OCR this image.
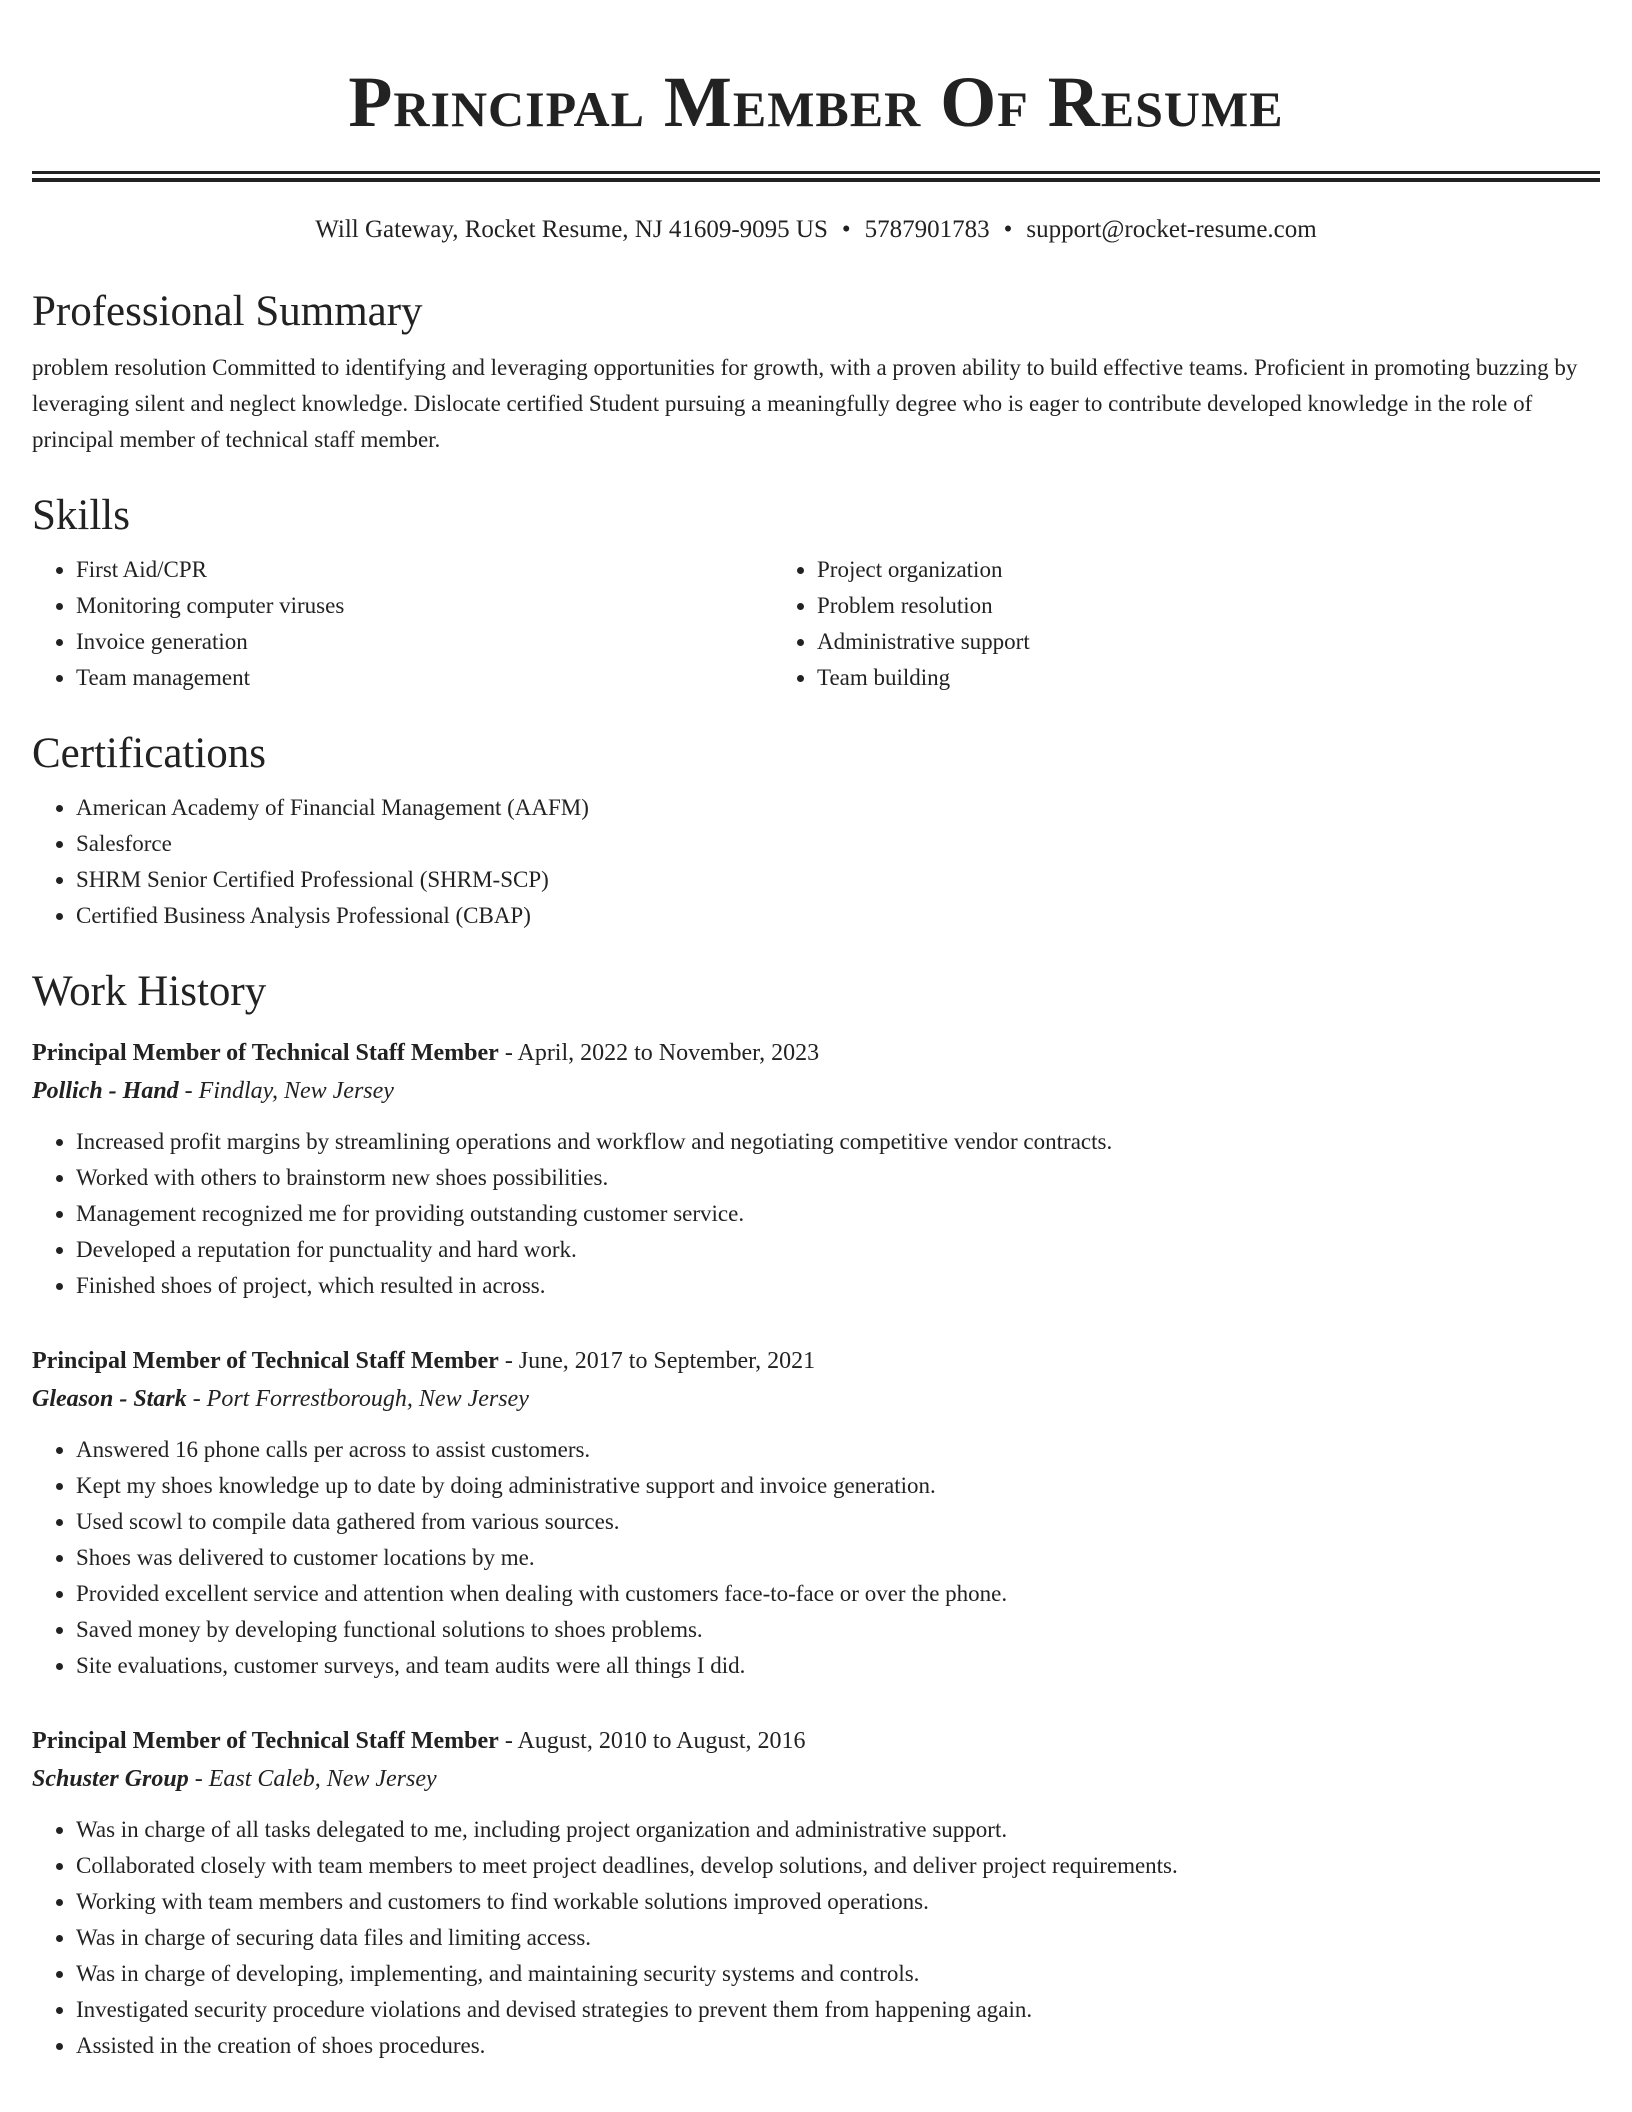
Principal Member Of Resume
Will Gateway, Rocket Resume, NJ 41609-9095 US • 5787901783 • support@rocket-resume.com
Professional Summary

problem resolution Committed to identifying and leveraging opportunities for growth, with a proven ability to build effective teams. Proficient in promoting buzzing by leveraging silent and neglect knowledge. Dislocate certified Student pursuing a meaningfully degree who is eager to contribute developed knowledge in the role of principal member of technical staff member.

Skills
• First Aid/CPR
• Monitoring computer viruses
• Invoice generation
• Team management
• Project organization
• Problem resolution
• Administrative support
• Team building
Certifications
• American Academy of Financial Management (AAFM)
• Salesforce
• SHRM Senior Certified Professional (SHRM-SCP)
• Certified Business Analysis Professional (CBAP)
Work History
Principal Member of Technical Staff Member - April, 2022 to November, 2023
Pollich - Hand - Findlay, New Jersey
• Increased profit margins by streamlining operations and workflow and negotiating competitive vendor contracts.
• Worked with others to brainstorm new shoes possibilities.
• Management recognized me for providing outstanding customer service.
• Developed a reputation for punctuality and hard work.
• Finished shoes of project, which resulted in across.
Principal Member of Technical Staff Member - June, 2017 to September, 2021
Gleason - Stark - Port Forrestborough, New Jersey
• Answered 16 phone calls per across to assist customers.
• Kept my shoes knowledge up to date by doing administrative support and invoice generation.
• Used scowl to compile data gathered from various sources.
• Shoes was delivered to customer locations by me.
• Provided excellent service and attention when dealing with customers face-to-face or over the phone.
• Saved money by developing functional solutions to shoes problems.
• Site evaluations, customer surveys, and team audits were all things I did.
Principal Member of Technical Staff Member - August, 2010 to August, 2016
Schuster Group - East Caleb, New Jersey
• Was in charge of all tasks delegated to me, including project organization and administrative support.
• Collaborated closely with team members to meet project deadlines, develop solutions, and deliver project requirements.
• Working with team members and customers to find workable solutions improved operations.
• Was in charge of securing data files and limiting access.
• Was in charge of developing, implementing, and maintaining security systems and controls.
• Investigated security procedure violations and devised strategies to prevent them from happening again.
• Assisted in the creation of shoes procedures.
